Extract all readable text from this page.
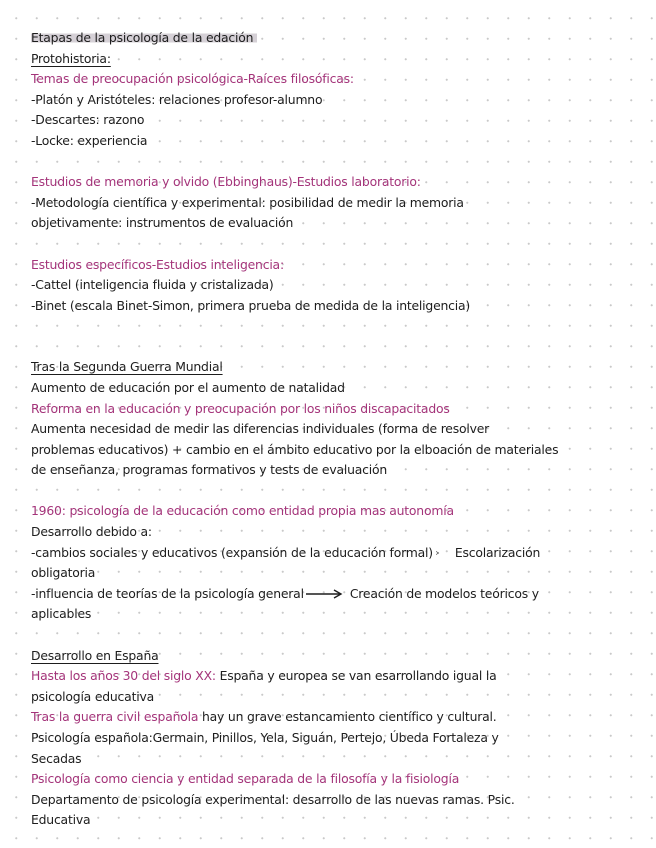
Etapas de la psicología de la edación
Protohistoria:
Temas de preocupación psicológica-Raíces filosóficas:
-Platón y Aristóteles: relaciones profesor-alumno
-Descartes: razono
-Locke: experiencia
Estudios de memoria y olvido (Ebbinghaus)-Estudios laboratorio:
-Metodología científica y experimental: posibilidad de medir la memoria
objetivamente: instrumentos de evaluación
Estudios específicos-Estudios inteligencia:
-Cattel (inteligencia fluida y cristalizada)
-Binet (escala Binet-Simon, primera prueba de medida de la inteligencia)
Tras la Segunda Guerra Mundial
Aumento de educación por el aumento de natalidad
Reforma en la educación y preocupación por los niños discapacitados
Aumenta necesidad de medir las diferencias individuales (forma de resolver
problemas educativos) + cambio en el ámbito educativo por la elboación de materiales
de enseñanza, programas formativos y tests de evaluación
1960: psicología de la educación como entidad propia mas autonomía
Desarrollo debido a:
-cambios sociales y educativos (expansión de la educación formal) Escolarización
obligatoria
-influencia de teorías de la psicología general	Creación de modelos teóricos y
aplicables
Desarrollo en España
Hasta los años 30 del siglo XX: España y europea se van esarrollando igual la
psicología educativa
Tras la guerra civil española hay un grave estancamiento científico y cultural.
Psicología española:Germain, Pinillos, Yela, Siguán, Pertejo, Úbeda Fortaleza y
Secadas
Psicología como ciencia y entidad separada de la filosofía y la fisiología
Departamento de psicología experimental: desarrollo de las nuevas ramas. Psic.
Educativa
